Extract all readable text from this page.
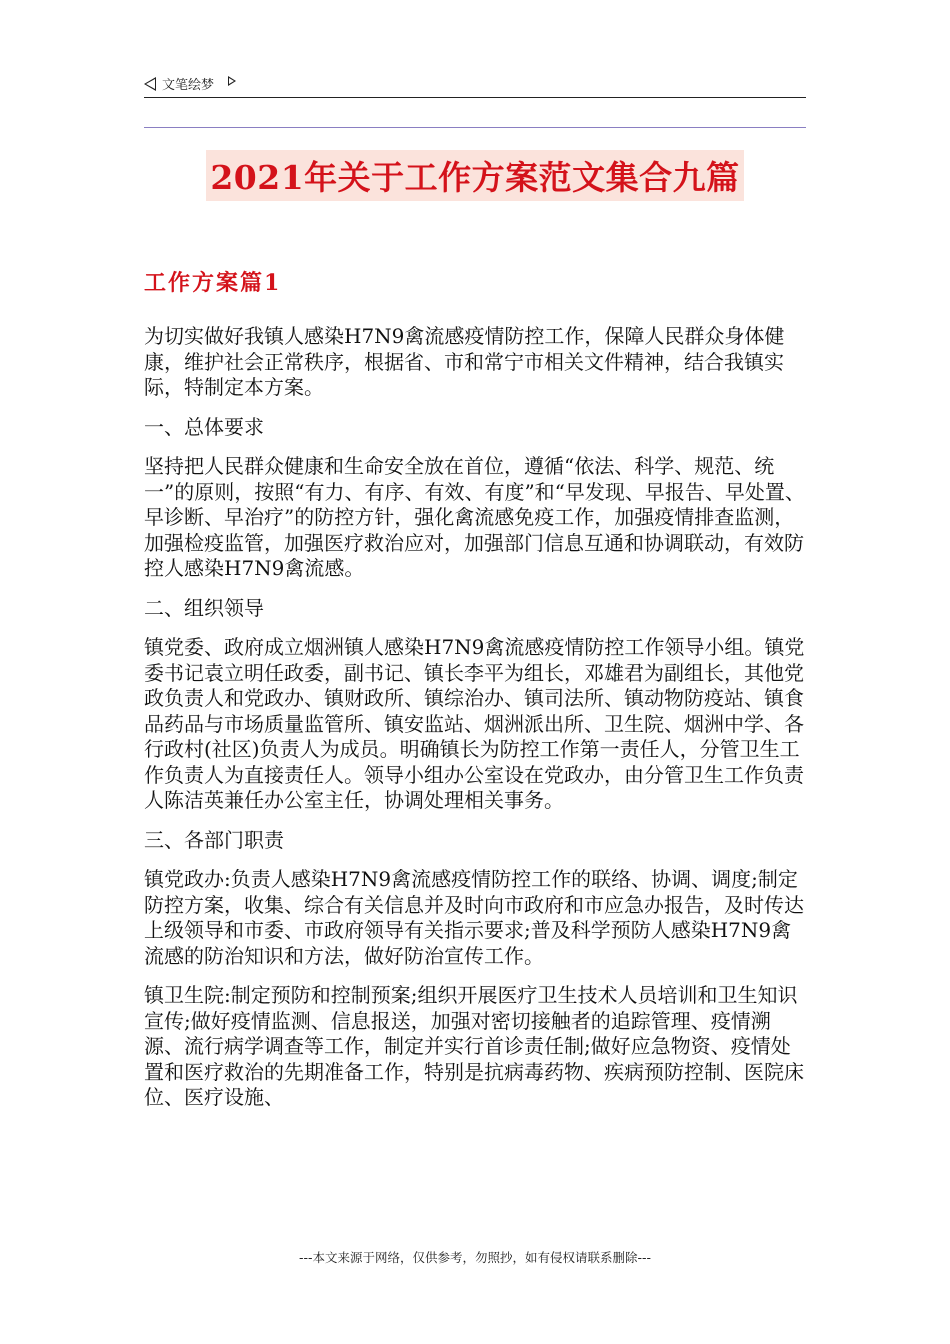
文笔绘梦
2021年关于工作方案范文集合九篇
工作方案篇1

为切实做好我镇人感染H7N9禽流感疫情防控工作，保障人民群众身体健康，维护社会正常秩序，根据省、市和常宁市相关文件精神，结合我镇实际，特制定本方案。

一、总体要求

坚持把人民群众健康和生命安全放在首位，遵循“依法、科学、规范、统一”的原则，按照“有力、有序、有效、有度”和“早发现、早报告、早处置、早诊断、早治疗”的防控方针，强化禽流感免疫工作，加强疫情排查监测，加强检疫监管，加强医疗救治应对，加强部门信息互通和协调联动，有效防控人感染H7N9禽流感。

二、组织领导

镇党委、政府成立烟洲镇人感染H7N9禽流感疫情防控工作领导小组。镇党委书记袁立明任政委，副书记、镇长李平为组长，邓雄君为副组长，其他党政负责人和党政办、镇财政所、镇综治办、镇司法所、镇动物防疫站、镇食品药品与市场质量监管所、镇安监站、烟洲派出所、卫生院、烟洲中学、各行政村(社区)负责人为成员。明确镇长为防控工作第一责任人，分管卫生工作负责人为直接责任人。领导小组办公室设在党政办，由分管卫生工作负责人陈洁英兼任办公室主任，协调处理相关事务。

三、各部门职责

镇党政办:负责人感染H7N9禽流感疫情防控工作的联络、协调、调度;制定防控方案，收集、综合有关信息并及时向市政府和市应急办报告，及时传达上级领导和市委、市政府领导有关指示要求;普及科学预防人感染H7N9禽流感的防治知识和方法，做好防治宣传工作。

镇卫生院:制定预防和控制预案;组织开展医疗卫生技术人员培训和卫生知识宣传;做好疫情监测、信息报送，加强对密切接触者的追踪管理、疫情溯源、流行病学调查等工作，制定并实行首诊责任制;做好应急物资、疫情处置和医疗救治的先期准备工作，特别是抗病毒药物、疾病预防控制、医院床位、医疗设施、

---本文来源于网络，仅供参考，勿照抄，如有侵权请联系删除---
